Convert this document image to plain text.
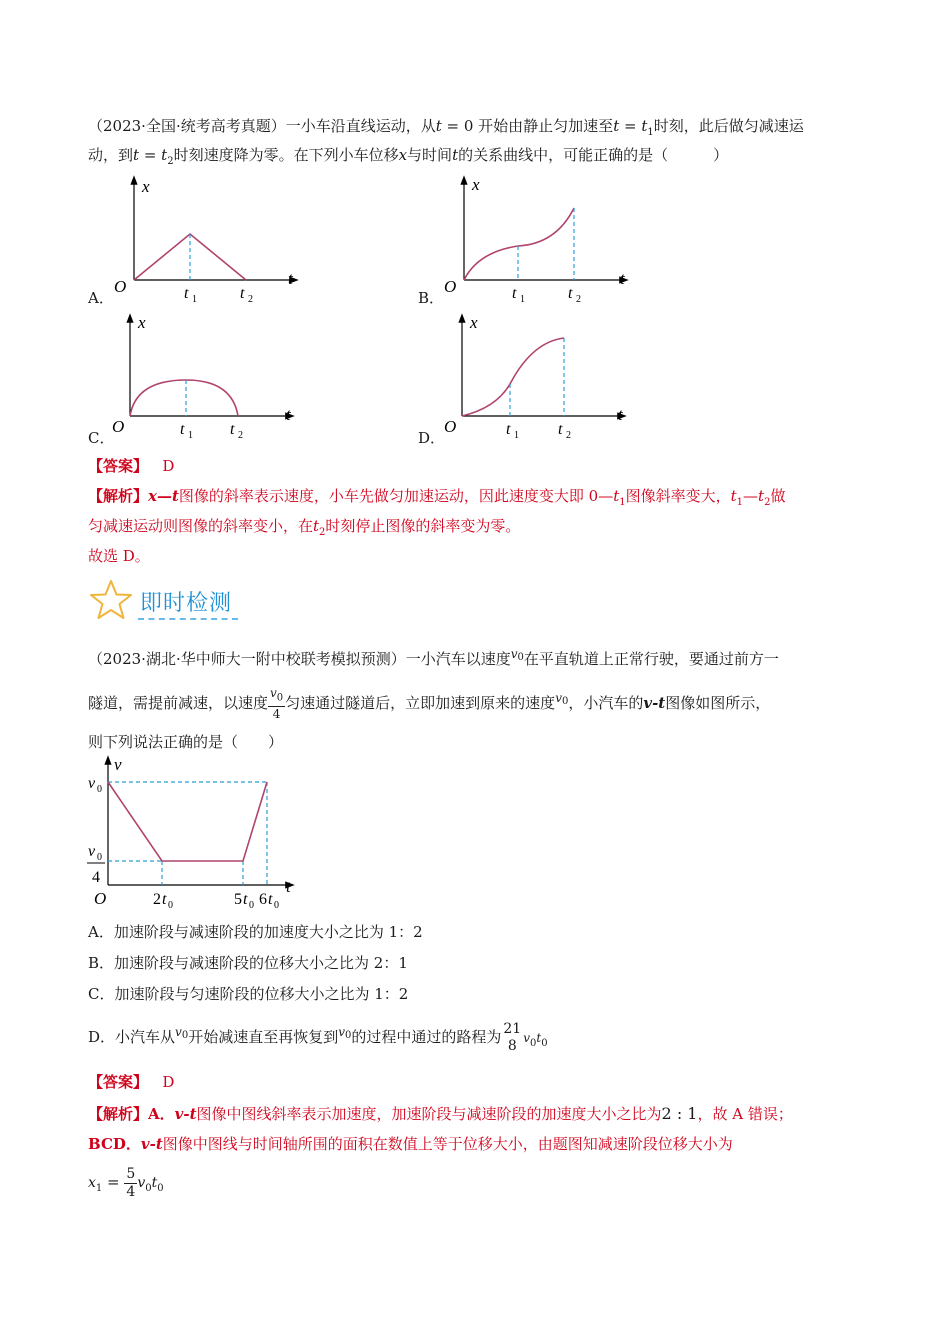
（2023·全国·统考高考真题）一小车沿直线运动，从t = 0 开始由静止匀加速至$t = t_1$时刻，此后做匀减速运
动，到$t = t_2$时刻速度降为零。在下列小车位移x与时间t的关系曲线中，可能正确的是（　　　）
A．	B．
C．	D．
x
t
O	t 1	t 2
x
t
O	t 1	t 2
x
t
O	t 1 t 2
x
t
O	t 1 t 2
【答案】 D
【解析】x—t图像的斜率表示速度，小车先做匀加速运动，因此速度变大即 $0—t_1$图像斜率变大，$t_1—t_2$做
匀减速运动则图像的斜率变小，在$t_2$时刻停止图像的斜率变为零。
故选 D。
即时检测
（2023·湖北·华中师大一附中校联考模拟预测）一小汽车以速度$^v_0$在平直轨道上正常行驶，要通过前方一
隧道，需提前减速，以速度 $\frac{v_0}{4}$ 匀速通过隧道后，立即加速到原来的速度$^v_0$，小汽车的v-t图像如图所示，
则下列说法正确的是（　　）
v
t
O
v 0
v 0
4
2 t 0	5 t 0 6 t 0
A．加速阶段与减速阶段的加速度大小之比为 1：2
B．加速阶段与减速阶段的位移大小之比为 2：1
C．加速阶段与匀速阶段的位移大小之比为 1：2
D．小汽车从$^v_0$开始减速直至再恢复到$^v_0$的过程中通过的路程为 21
8 $v_0t_0$
【答案】 D
【解析】A．v-t图像中图线斜率表示加速度，加速阶段与减速阶段的加速度大小之比为2 : 1，故 A 错误；
BCD．v-t图像中图线与时间轴所围的面积在数值上等于位移大小，由题图知减速阶段位移大小为
$x_1 = \frac{5}{4} v_0t_0$
